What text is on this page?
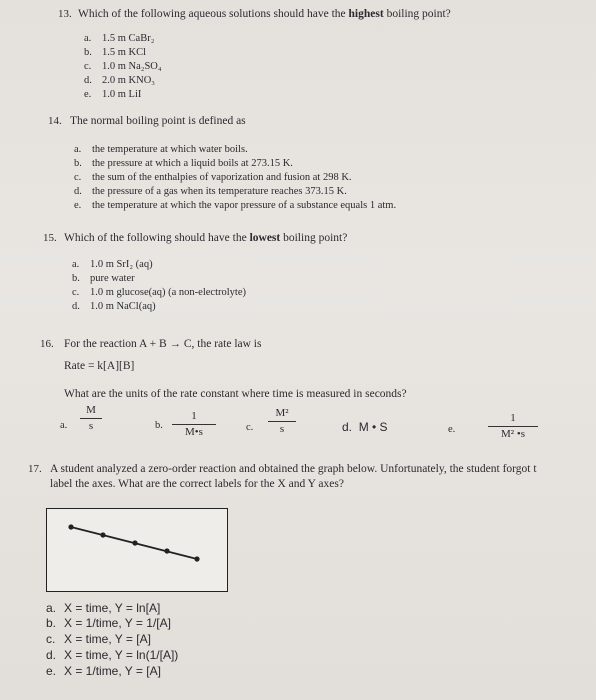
13. Which of the following aqueous solutions should have the highest boiling point?
a. 1.5 m CaBr₂
b. 1.5 m KCl
c. 1.0 m Na₂SO₄
d. 2.0 m KNO₃
e. 1.0 m LiI
14. The normal boiling point is defined as
a. the temperature at which water boils.
b. the pressure at which a liquid boils at 273.15 K.
c. the sum of the enthalpies of vaporization and fusion at 298 K.
d. the pressure of a gas when its temperature reaches 373.15 K.
e. the temperature at which the vapor pressure of a substance equals 1 atm.
15. Which of the following should have the lowest boiling point?
a. 1.0 m SrI₂ (aq)
b. pure water
c. 1.0 m glucose(aq) (a non-electrolyte)
d. 1.0 m NaCl(aq)
16. For the reaction A + B → C, the rate law is
Rate = k[A][B]
What are the units of the rate constant where time is measured in seconds?
a.
M
s	b.
1
M•s	c.
M²
s	d. M • S	e.
1
M² •s
17. A student analyzed a zero-order reaction and obtained the graph below. Unfortunately, the student forgot t
label the axes. What are the correct labels for the X and Y axes?
a. X = time, Y = ln[A]
b. X = 1/time, Y = 1/[A]
c. X = time, Y = [A]
d. X = time, Y = ln(1/[A])
e. X = 1/time, Y = [A]
